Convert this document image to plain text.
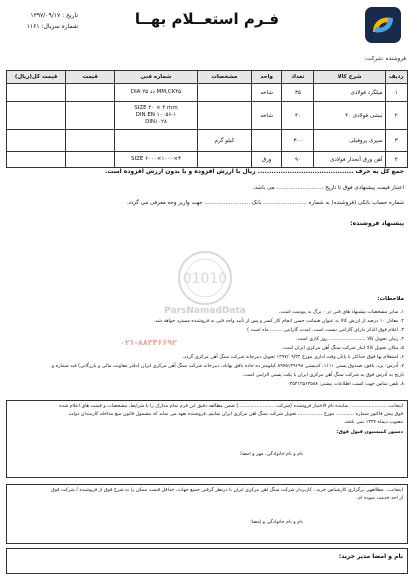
فـرم استعــلام بهــا
تاریخ : ۱۳۹۷/۰۹/۱۷
شماره سریال: ۱۱۶۱
فروشنده :شرکت:
ردیف	شرح کالا	تعداد	واحد	مشخصات	شماره فنی	قیمت	قیمت کل(ریال)
۱	میلگرد فولادی	۳۵	شاخه		DIA ۲۵ دد MM,CK۴۵		
۲	نبشی فولادی ۴۰	۴۰	شاخه		SIZE ۴۰ × ۴ mm
DIN EN ۱۰۰۵۶-۱
DIN۱۰۲۸		
۳	سپری پروفیلی	۳۰۰		کیلو گرم			
۴	آهن ورق آنجدار فولادی	۹۰	ورق		SIZE ۶۰۰۰×۱۰۰۰×۳		
جمع کل به حرف .......................................... ریال با ارزش افزوده و یا بدون ارزش افزوده است.
اعتبار قیمت پیشنهادی فوق تا تاریخ ........................... می باشد.
شماره حساب بانکی (فروشنده) به شماره ......................... بانک .......................... جهت واریز وجه معرفی می گردد.
پیشنهاد فروشنده:
01010
ParsNamadData
۰۲۱-۸۸۳۴۶۶۹۲
ملاحظات:
۱. سایر مشخصات پیشنهاد های فنی در ۰ برگ به پیوست است.
۲. معادل ۱۰ درصد از ارزش کالا به عنوان ضمانت حسن انجام کار کسر و پس از تأیید واحد فنی به فروشنده مسترد خواهد شد.
۳. اعلام فوق الذکر دارای گارانتی نیست است. امدت گارانتی ........ ماه است )
۴. زمان تحویل کالا ........................ روز کاری است.
۵. مکان تحویل کالا انبار شرکت سنگ آهن مرکزی ایران است.
۶. استعلام بها فوق حداکثر تا پایان وقت اداری مورخ ۱۳۹۷/۰۹/۲۴ تحویل دبیرخانه شرکت سنگ آهن مرکزی گردد.
۷. آدرس: یزد، بافق، صندوق پستی ۱۱۱۱، کدپستی ۸۹۷۵۱۳۹۶۹۸ کیلومتر ده جاده بافق بهاباد، دبیرخانه شرکت سنگ آهن مرکزی ایران (دفتر معاونت مالی و بازرگانی) فیه شماره و
تاریخ به آدرس فوق به شرکت سنگ آهن مرکزی ایران یا پکت پستی الزامی است.
۸. تلفن تماس جهت کسب اطلاعات بیشتر: ۰۳۵۳۱۲۵۶۴۵۸۸
اینجانب ........................ نماینده تام الاختیار فروشنده (شرکت ........................) ضمن مطالعه دقیق این فرم تمام مدارک را با شرایط، مشخصات و قیمت های اعلام شده
فوق پیش فاکتور شماره ............ مورخ ...............، تحویل شرکت سنگ آهن مرکزی ایران نماییم. فروشنده تعهد می نماید که مشمول قانون منع مداخله کارمندان دولت
مصوب دیماه ۱۳۳۷ نمی باشد.
دستور کمیسیون قبول فوق:
نام و نام خانوادگی، مهر و امضا:
اینجانب ، مطالعهی برگزاری کارشناس خرید ، کاربردار شرکت سنگ آهن مرکزی ایران با درنظر گرفتن جمیع جهات، حداقل قیمت ممکن را به شرح فوق از فروشنده / شرکت فوق
از اخذ خدمت نموده ام .
نام و نام خانوادگی و امضا:
نام و امضا مدیر خرید:
